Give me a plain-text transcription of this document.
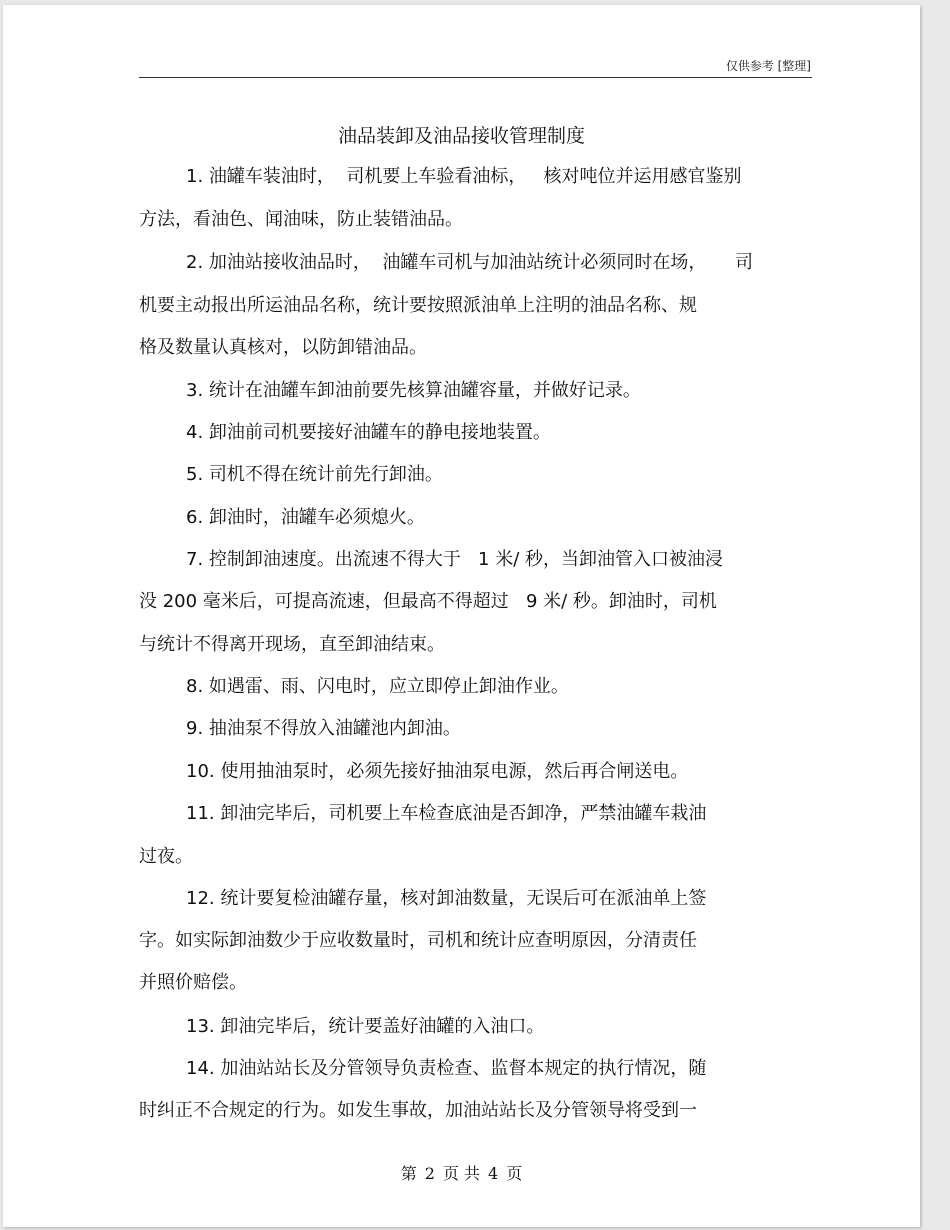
仅供参考 [整理]
油品装卸及油品接收管理制度
1. 油罐车装油时，  司机要上车验看油标，   核对吨位并运用感官鉴别
方法，看油色、闻油味，防止装错油品。
2. 加油站接收油品时，  油罐车司机与加油站统计必须同时在场，     司
机要主动报出所运油品名称，统计要按照派油单上注明的油品名称、规
格及数量认真核对，以防卸错油品。
3. 统计在油罐车卸油前要先核算油罐容量，并做好记录。
4. 卸油前司机要接好油罐车的静电接地装置。
5. 司机不得在统计前先行卸油。
6. 卸油时，油罐车必须熄火。
7. 控制卸油速度。出流速不得大于   1 米/ 秒，当卸油管入口被油浸
没 200 毫米后，可提高流速，但最高不得超过   9 米/ 秒。卸油时，司机
与统计不得离开现场，直至卸油结束。
8. 如遇雷、雨、闪电时，应立即停止卸油作业。
9. 抽油泵不得放入油罐池内卸油。
10. 使用抽油泵时，必须先接好抽油泵电源，然后再合闸送电。
11. 卸油完毕后，司机要上车检查底油是否卸净，严禁油罐车栽油
过夜。
12. 统计要复检油罐存量，核对卸油数量，无误后可在派油单上签
字。如实际卸油数少于应收数量时，司机和统计应查明原因，分清责任
并照价赔偿。
13. 卸油完毕后，统计要盖好油罐的入油口。
14. 加油站站长及分管领导负责检查、监督本规定的执行情况，随
时纠正不合规定的行为。如发生事故，加油站站长及分管领导将受到一
第 2 页 共 4 页
